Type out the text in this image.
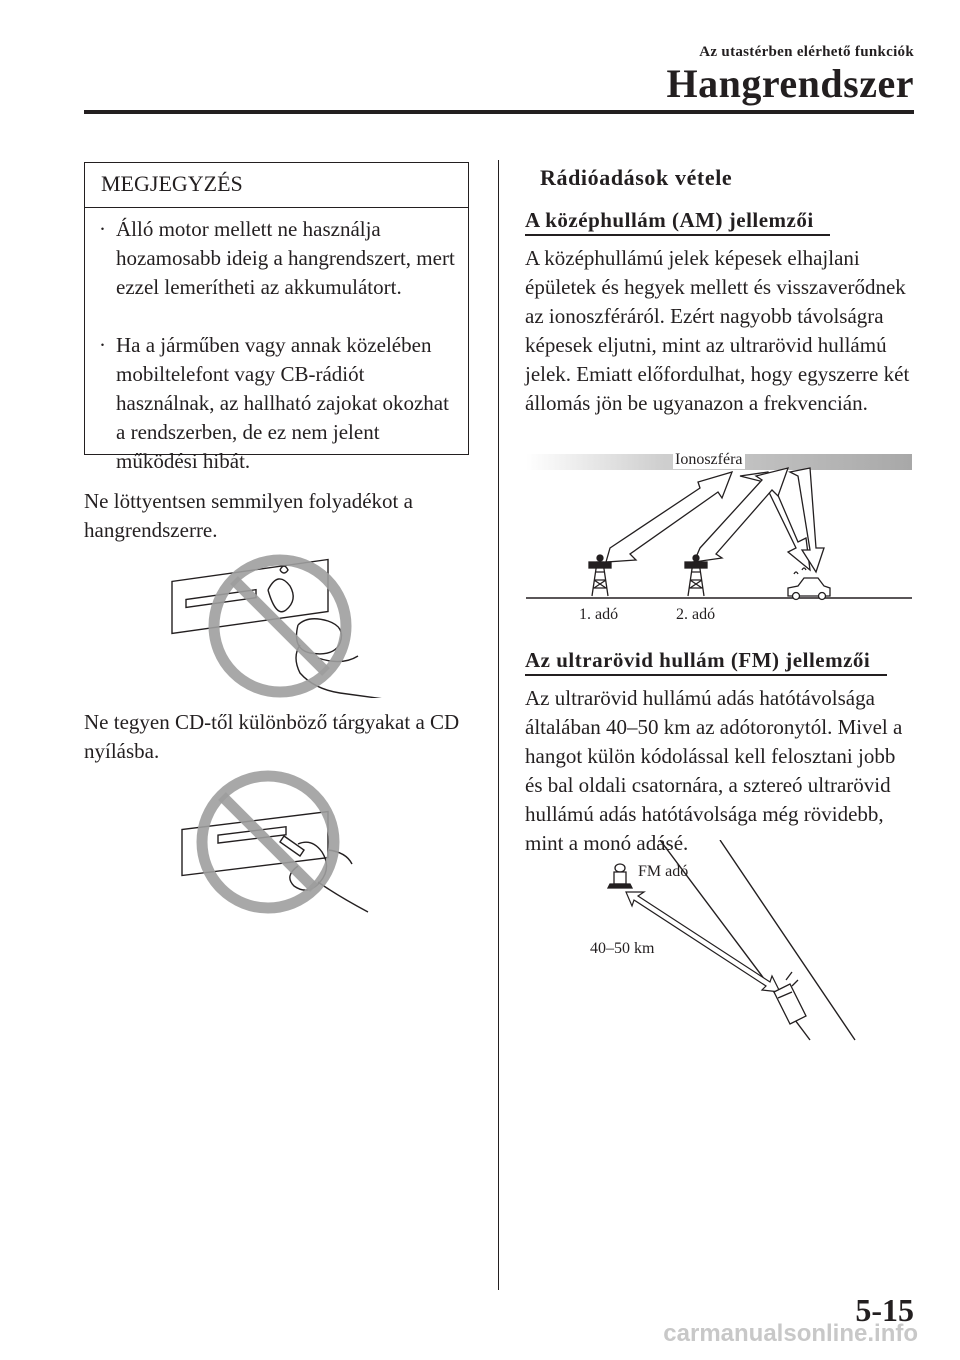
Az utastérben elérhető funkciók
Hangrendszer
MEGJEGYZÉS
· Álló motor mellett ne használja hozamosabb ideig a hangrendszert, mert ezzel lemerítheti az akkumulátort.
· Ha a járműben vagy annak közelében mobiltelefont vagy CB-rádiót használnak, az hallható zajokat okozhat a rendszerben, de ez nem jelent működési hibát.
Ne löttyentsen semmilyen folyadékot a hangrendszerre.
Ne tegyen CD-től különböző tárgyakat a CD nyílásba.
Rádióadások vétele
A középhullám (AM) jellemzői
A középhullámú jelek képesek elhajlani épületek és hegyek mellett és visszaverődnek az ionoszféráról. Ezért nagyobb távolságra képesek eljutni, mint az ultrarövid hullámú jelek. Emiatt előfordulhat, hogy egyszerre két állomás jön be ugyanazon a frekvencián.
Ionoszféra
1. adó	2. adó
Az ultrarövid hullám (FM) jellemzői
Az ultrarövid hullámú adás hatótávolsága általában 40–50 km az adótoronytól. Mivel a hangot külön kódolással kell felosztani jobb és bal oldali csatornára, a sztereó ultrarövid hullámú adás hatótávolsága még rövidebb, mint a monó adásé.
FM adó
40–50 km
5-15
carmanualsonline.info
